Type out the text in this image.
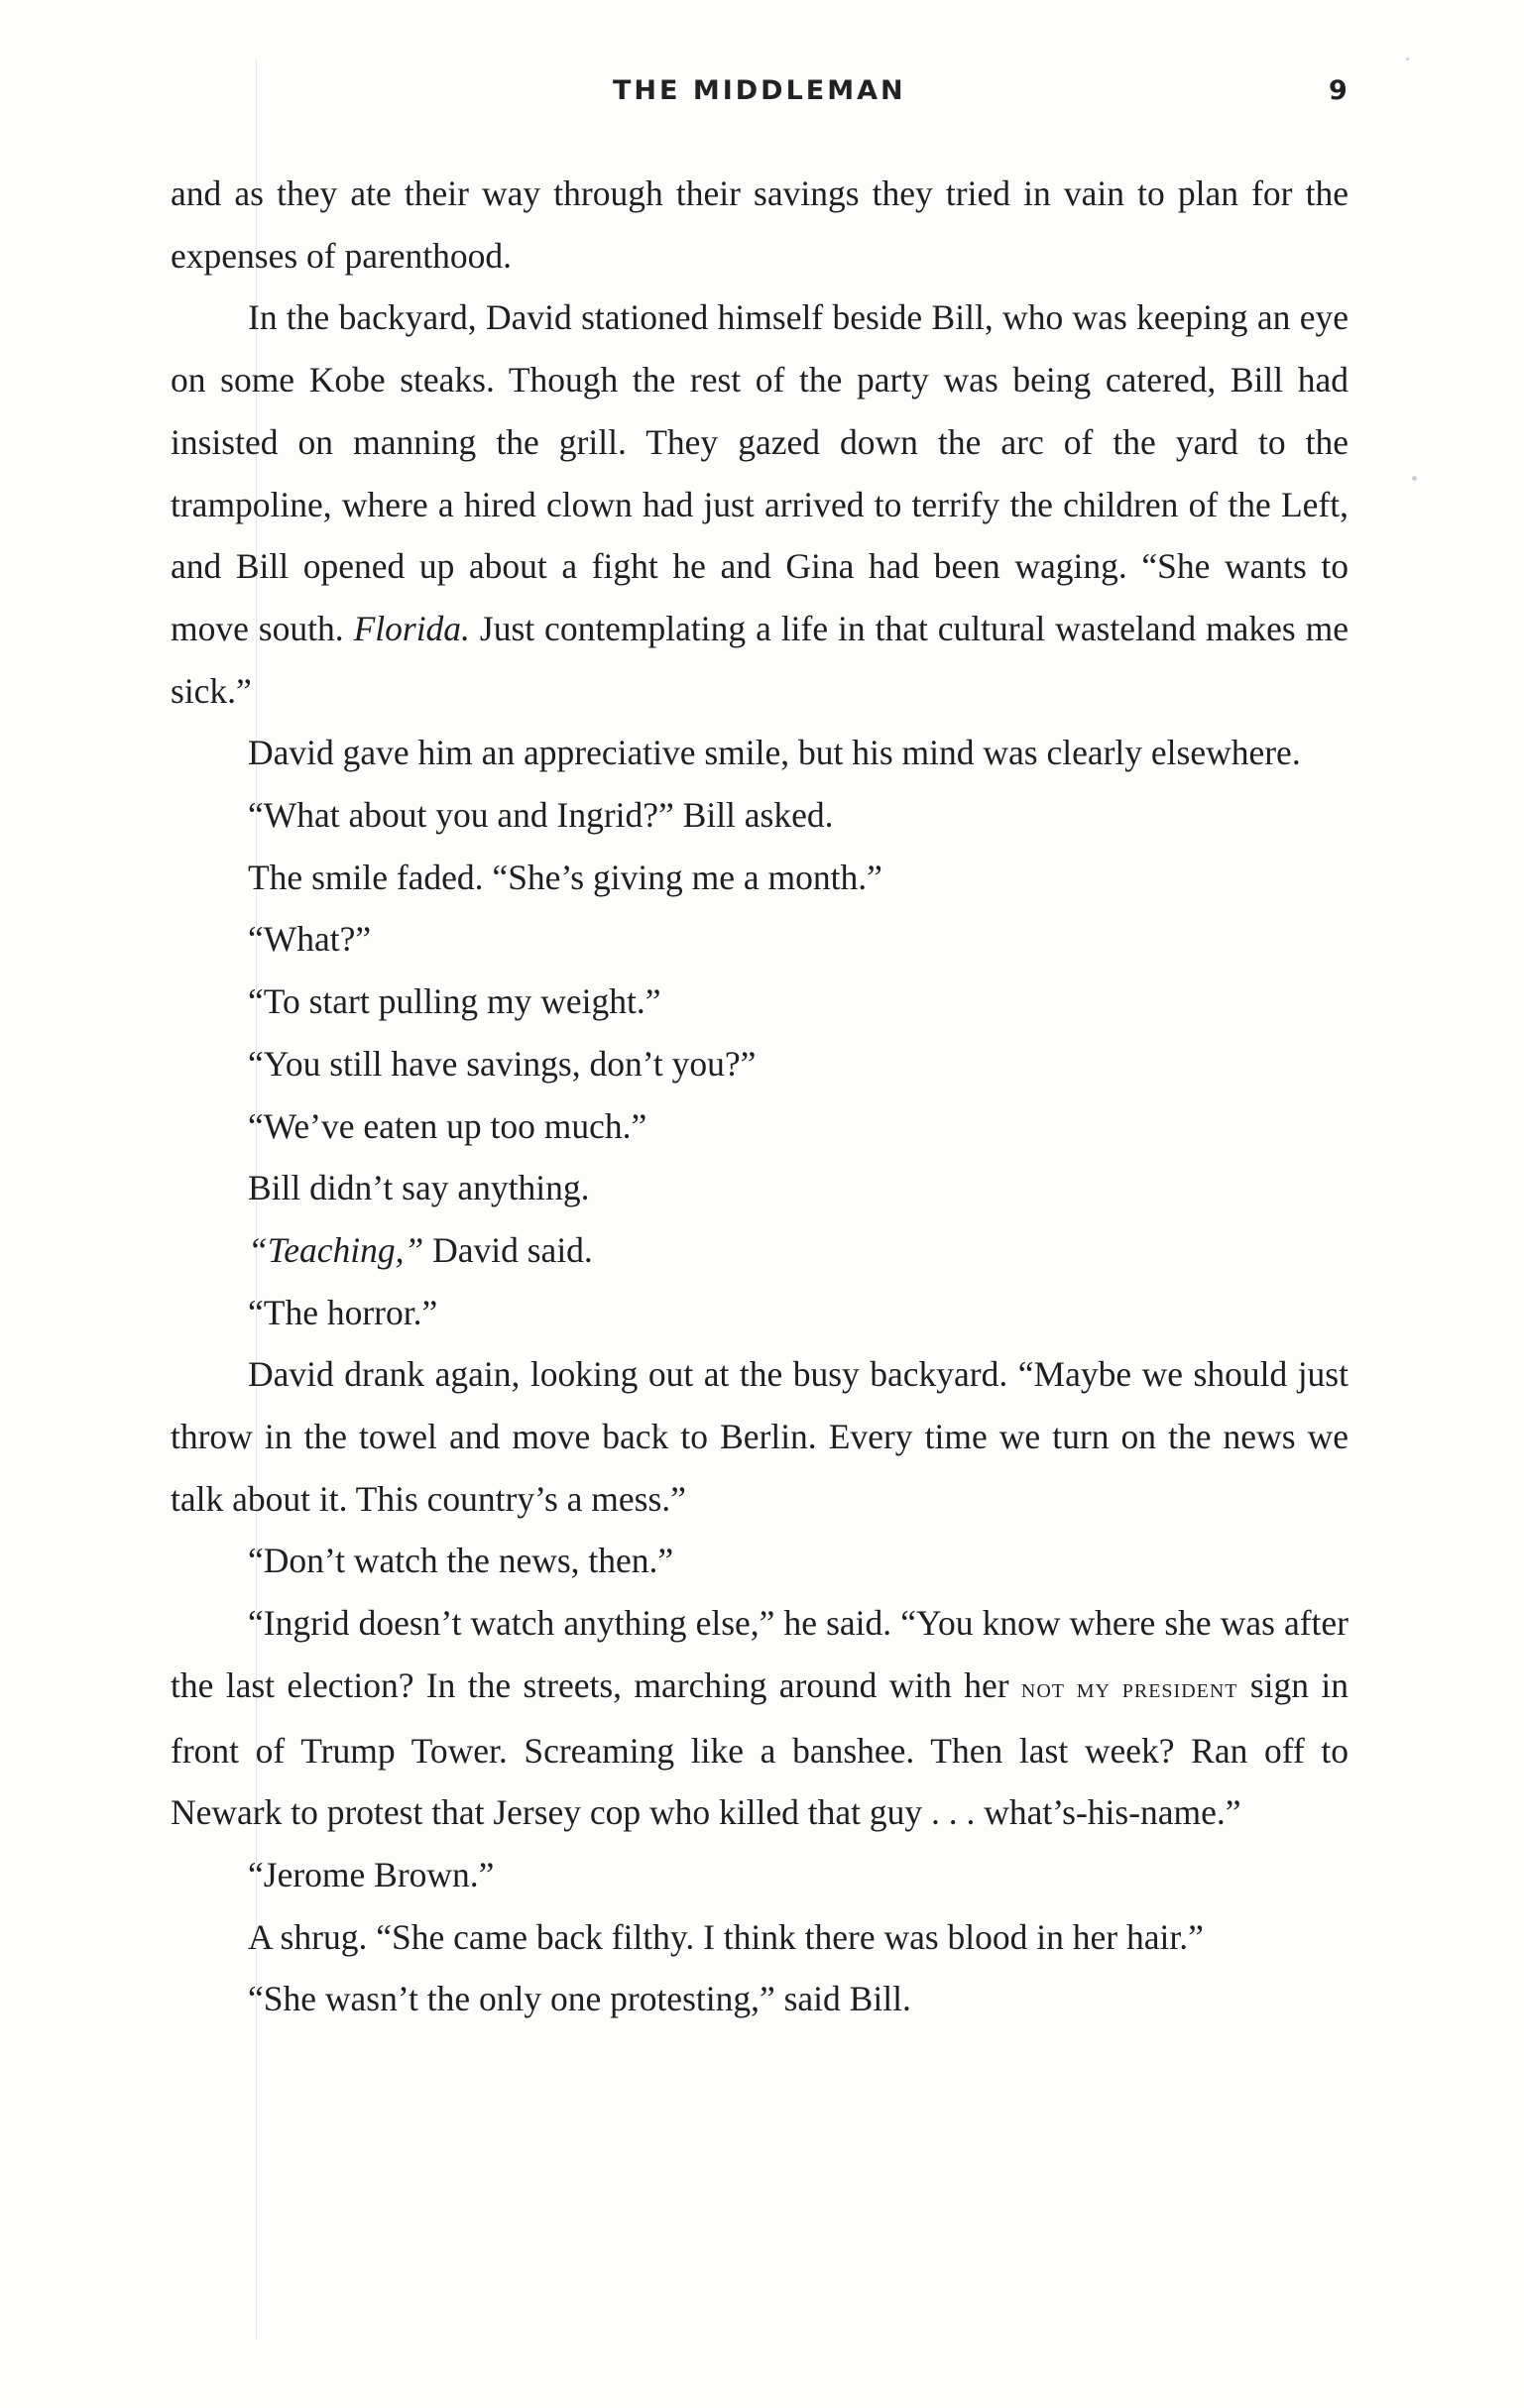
THE MIDDLEMAN	9

and as they ate their way through their savings they tried in vain to plan for the expenses of parenthood.

In the backyard, David stationed himself beside Bill, who was keeping an eye on some Kobe steaks. Though the rest of the party was being catered, Bill had insisted on manning the grill. They gazed down the arc of the yard to the trampoline, where a hired clown had just arrived to terrify the children of the Left, and Bill opened up about a fight he and Gina had been waging. “She wants to move south. Florida. Just contemplating a life in that cultural wasteland makes me sick.”

David gave him an appreciative smile, but his mind was clearly elsewhere.

“What about you and Ingrid?” Bill asked.

The smile faded. “She’s giving me a month.”

“What?”

“To start pulling my weight.”

“You still have savings, don’t you?”

“We’ve eaten up too much.”

Bill didn’t say anything.

“Teaching,” David said.

“The horror.”

David drank again, looking out at the busy backyard. “Maybe we should just throw in the towel and move back to Berlin. Every time we turn on the news we talk about it. This country’s a mess.”

“Don’t watch the news, then.”

“Ingrid doesn’t watch anything else,” he said. “You know where she was after the last election? In the streets, marching around with her not my president sign in front of Trump Tower. Screaming like a banshee. Then last week? Ran off to Newark to protest that Jersey cop who killed that guy . . . what’s-his-name.”

“Jerome Brown.”

A shrug. “She came back filthy. I think there was blood in her hair.”

“She wasn’t the only one protesting,” said Bill.
